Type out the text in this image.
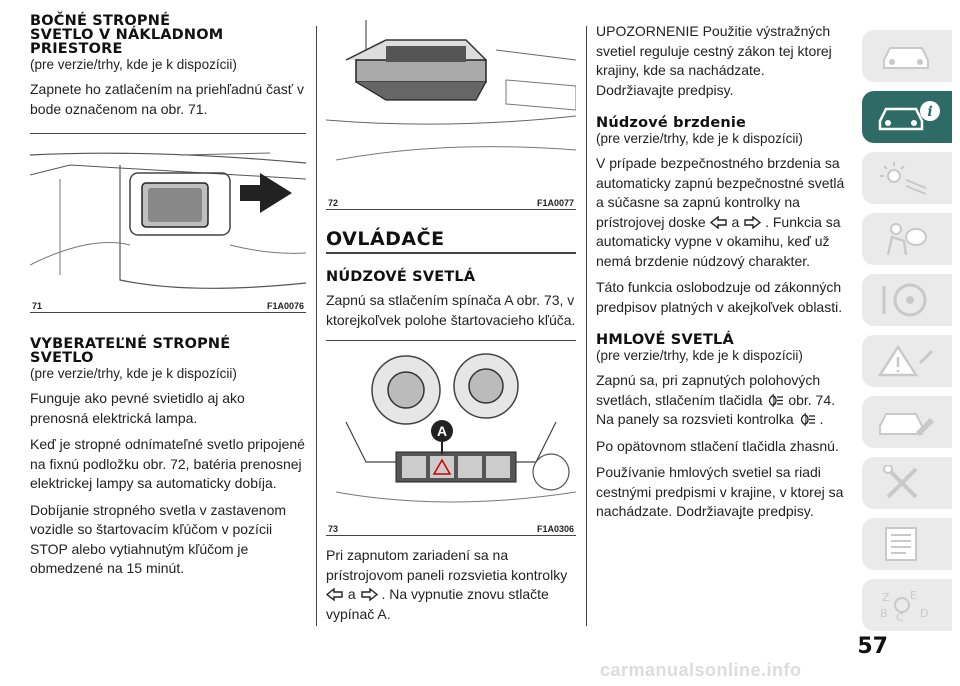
BOČNÉ STROPNÉ
SVETLO V NÁKLADNOM
PRIESTORE
(pre verzie/trhy, kde je k dispozícii)

Zapnete ho zatlačením na priehľadnú časť v bode označenom na obr. 71.

71	F1A0076
VYBERATEĽNÉ STROPNÉ
SVETLO
(pre verzie/trhy, kde je k dispozícii)

Funguje ako pevné svietidlo aj ako prenosná elektrická lampa.

Keď je stropné odnímateľné svetlo pripojené na fixnú podložku obr. 72, batéria prenosnej elektrickej lampy sa automaticky dobíja.

Dobíjanie stropného svetla v zastavenom vozidle so štartovacím kľúčom v pozícii STOP alebo vytiahnutým kľúčom je obmedzené na 15 minút.

72	F1A0077
OVLÁDAČE
NÚDZOVÉ SVETLÁ

Zapnú sa stlačením spínača A obr. 73, v ktorejkoľvek polohe štartovacieho kľúča.

A
73	F1A0306

Pri zapnutom zariadení sa na prístrojovom paneli rozsvietia kontrolky  a . Na vypnutie znovu stlačte vypínač A.

UPOZORNENIE Použitie výstražných svetiel reguluje cestný zákon tej ktorej krajiny, kde sa nachádzate. Dodržiavajte predpisy.

Núdzové brzdenie
(pre verzie/trhy, kde je k dispozícii)

V prípade bezpečnostného brzdenia sa automaticky zapnú bezpečnostné svetlá a súčasne sa zapnú kontrolky na prístrojovej doske a . Funkcia sa automaticky vypne v okamihu, keď už nemá brzdenie núdzový charakter.

Táto funkcia oslobodzuje od zákonných predpisov platných v akejkoľvek oblasti.

HMLOVÉ SVETLÁ
(pre verzie/trhy, kde je k dispozícii)

Zapnú sa, pri zapnutých polohových svetlách, stlačením tlačidla obr. 74. Na panely sa rozsvieti kontrolka .

Po opätovnom stlačení tlačidla zhasnú.

Používanie hmlových svetiel sa riadi cestnými predpismi v krajine, v ktorej sa nachádzate. Dodržiavajte predpisy.

i
Z E
B C D
57
carmanualsonline.info
